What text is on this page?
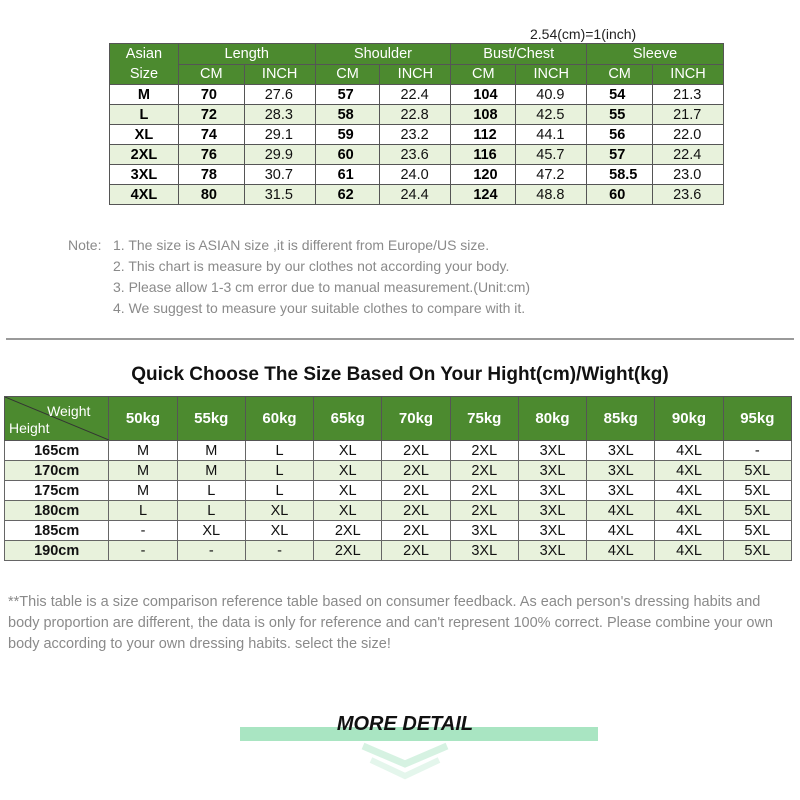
2.54(cm)=1(inch)
Asian Size	Length		Shoulder		Bust/Chest		Sleeve	
	CM	INCH	CM	INCH	CM	INCH	CM	INCH
M	70	27.6	57	22.4	104	40.9	54	21.3
L	72	28.3	58	22.8	108	42.5	55	21.7
XL	74	29.1	59	23.2	112	44.1	56	22.0
2XL	76	29.9	60	23.6	116	45.7	57	22.4
3XL	78	30.7	61	24.0	120	47.2	58.5	23.0
4XL	80	31.5	62	24.4	124	48.8	60	23.6
Note: 1. The size is ASIAN size ,it is different from Europe/US size.
2. This chart is measure by our clothes not according your body.
3. Please allow 1-3 cm error due to manual measurement.(Unit:cm)
4. We suggest to measure your suitable clothes to compare with it.
Quick Choose The Size Based On Your Hight(cm)/Wight(kg)
Weight
Height	50kg	55kg	60kg	65kg	70kg	75kg	80kg	85kg	90kg	95kg
165cm	M	M	L	XL	2XL	2XL	3XL	3XL	4XL	-
170cm	M	M	L	XL	2XL	2XL	3XL	3XL	4XL	5XL
175cm	M	L	L	XL	2XL	2XL	3XL	3XL	4XL	5XL
180cm	L	L	XL	XL	2XL	2XL	3XL	4XL	4XL	5XL
185cm	-	XL	XL	2XL	2XL	3XL	3XL	4XL	4XL	5XL
190cm	-	-	-	2XL	2XL	3XL	3XL	4XL	4XL	5XL
**This table is a size comparison reference table based on consumer feedback. As each person's dressing habits and body proportion are different, the data is only for reference and can't represent 100% correct. Please combine your own body according to your own dressing habits. select the size!
MORE DETAIL
